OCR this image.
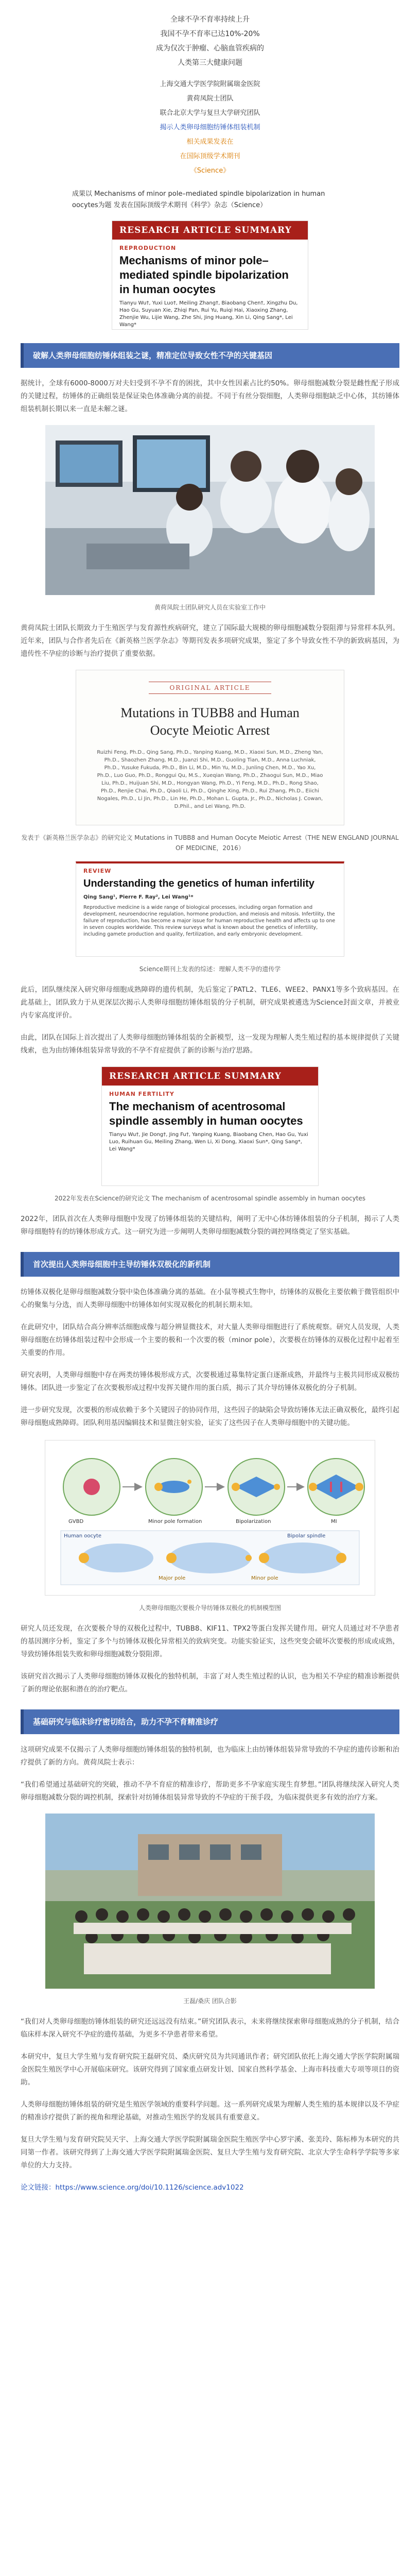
全球不孕不育率持续上升

我国不孕不育率已达10%-20%

成为仅次于肿瘤、心脑血管疾病的

人类第三大健康问题

上海交通大学医学院附属瑞金医院

黄荷凤院士团队

联合北京大学与复旦大学研究团队

揭示人类卵母细胞纺锤体组装机制

相关成果发表在

在国际顶级学术期刊

《Science》

成果以 Mechanisms of minor pole–mediated spindle bipolarization in human oocytes为题 发表在国际顶级学术期刊《科学》杂志（Science）
RESEARCH ARTICLE SUMMARY
REPRODUCTION
Mechanisms of minor pole–mediated spindle bipolarization in human oocytes
Tianyu Wu†, Yuxi Luo†, Meiling Zhang†, Biaobang Chen†, Xingzhu Du, Hao Gu, Suyuan Xie, Zhiqi Pan, Rui Yu, Ruiqi Hai, Xiaoxing Zhang, Zhenjie Wu, Lijie Wang, Zhe Shi, Jing Huang, Xin Li, Qing Sang*, Lei Wang*
破解人类卵母细胞纺锤体组装之谜，精准定位导致女性不孕的关键基因
据统计，全球有6000-8000万对夫妇受到不孕不育的困扰，其中女性因素占比约50%。卵母细胞减数分裂是雌性配子形成的关键过程，纺锤体的正确组装是保证染色体准确分离的前提。不同于有丝分裂细胞，人类卵母细胞缺乏中心体，其纺锤体组装机制长期以来一直是未解之谜。
黄荷凤院士团队研究人员在实验室工作中
黄荷凤院士团队长期致力于生殖医学与发育源性疾病研究，建立了国际最大规模的卵母细胞减数分裂阻滞与异常样本队列。近年来，团队与合作者先后在《新英格兰医学杂志》等期刊发表多项研究成果，鉴定了多个导致女性不孕的新致病基因，为遗传性不孕症的诊断与治疗提供了重要依据。
ORIGINAL ARTICLE
Mutations in TUBB8 and Human Oocyte Meiotic Arrest
Ruizhi Feng, Ph.D., Qing Sang, Ph.D., Yanping Kuang, M.D., Xiaoxi Sun, M.D., Zheng Yan, Ph.D., Shaozhen Zhang, M.D., Juanzi Shi, M.D., Guoling Tian, M.D., Anna Luchniak, Ph.D., Yusuke Fukuda, Ph.D., Bin Li, M.D., Min Yu, M.D., Junling Chen, M.D., Yao Xu, Ph.D., Luo Guo, Ph.D., Ronggui Qu, M.S., Xueqian Wang, Ph.D., Zhaogui Sun, M.D., Miao Liu, Ph.D., Huijuan Shi, M.D., Hongyan Wang, Ph.D., Yi Feng, M.D., Ph.D., Rong Shao, Ph.D., Renjie Chai, Ph.D., Qiaoli Li, Ph.D., Qinghe Xing, Ph.D., Rui Zhang, Ph.D., Eiichi Nogales, Ph.D., Li Jin, Ph.D., Lin He, Ph.D., Mohan L. Gupta, Jr., Ph.D., Nicholas J. Cowan, D.Phil., and Lei Wang, Ph.D.
发表于《新英格兰医学杂志》的研究论文 Mutations in TUBB8 and Human Oocyte Meiotic Arrest（THE NEW ENGLAND JOURNAL OF MEDICINE，2016）
REVIEW
Understanding the genetics of human infertility
Qing Sang¹, Pierre F. Ray², Lei Wang¹*
Reproductive medicine is a wide range of biological processes, including organ formation and development, neuroendocrine regulation, hormone production, and meiosis and mitosis. Infertility, the failure of reproduction, has become a major issue for human reproductive health and affects up to one in seven couples worldwide. This review surveys what is known about the genetics of infertility, including gamete production and quality, fertilization, and early embryonic development.
Science期刊上发表的综述：理解人类不孕的遗传学
此后，团队继续深入研究卵母细胞成熟障碍的遗传机制，先后鉴定了PATL2、TLE6、WEE2、PANX1等多个致病基因。在此基础上，团队致力于从更深层次揭示人类卵母细胞纺锤体组装的分子机制，研究成果被遴选为Science封面文章，并被业内专家高度评价。
由此，团队在国际上首次提出了人类卵母细胞纺锤体组装的全新模型，这一发现为理解人类生殖过程的基本规律提供了关键线索，也为由纺锤体组装异常导致的不孕不育症提供了新的诊断与治疗思路。
RESEARCH ARTICLE SUMMARY
HUMAN FERTILITY
The mechanism of acentrosomal spindle assembly in human oocytes
Tianyu Wu†, Jie Dong†, Jing Fu†, Yanping Kuang, Biaobang Chen, Hao Gu, Yuxi Luo, Ruihuan Gu, Meiling Zhang, Wen Li, Xi Dong, Xiaoxi Sun*, Qing Sang*, Lei Wang*
2022年发表在Science的研究论文 The mechanism of acentrosomal spindle assembly in human oocytes
2022年，团队首次在人类卵母细胞中发现了纺锤体组装的关键结构，阐明了无中心体纺锤体组装的分子机制，揭示了人类卵母细胞特有的纺锤体形成方式。这一研究为进一步阐明人类卵母细胞减数分裂的调控网络奠定了坚实基础。
首次提出人类卵母细胞中主导纺锤体双极化的新机制
纺锤体双极化是卵母细胞减数分裂中染色体准确分离的基础。在小鼠等模式生物中，纺锤体的双极化主要依赖于微管组织中心的聚集与分选，而人类卵母细胞中纺锤体如何实现双极化的机制长期未知。
在此研究中，团队结合高分辨率活细胞成像与超分辨显微技术，对大量人类卵母细胞进行了系统观察。研究人员发现，人类卵母细胞在纺锤体组装过程中会形成一个主要的极和一个次要的极（minor pole），次要极在纺锤体的双极化过程中起着至关重要的作用。
研究表明，人类卵母细胞中存在两类纺锤体极形成方式，次要极通过募集特定蛋白逐渐成熟，并最终与主极共同形成双极纺锤体。团队进一步鉴定了在次要极形成过程中发挥关键作用的蛋白质，揭示了其介导纺锤体双极化的分子机制。
进一步研究发现，次要极的形成依赖于多个关键因子的协同作用，这些因子的缺陷会导致纺锤体无法正确双极化，最终引起卵母细胞成熟障碍。团队利用基因编辑技术和显微注射实验，证实了这些因子在人类卵母细胞中的关键功能。
GVBD	Minor pole formation	Bipolarization	MI
Human oocyte
Minor pole
Major pole
Bipolar spindle
人类卵母细胞次要极介导纺锤体双极化的机制模型图
研究人员还发现，在次要极介导的双极化过程中，TUBB8、KIF11、TPX2等蛋白发挥关键作用。研究人员通过对不孕患者的基因测序分析，鉴定了多个与纺锤体双极化异常相关的致病突变。功能实验证实，这些突变会破坏次要极的形成或成熟，导致纺锤体组装失败和卵母细胞减数分裂阻滞。
该研究首次揭示了人类卵母细胞纺锤体双极化的独特机制，丰富了对人类生殖过程的认识，也为相关不孕症的精准诊断提供了新的理论依据和潜在的治疗靶点。
基础研究与临床诊疗密切结合，助力不孕不育精准诊疗
这项研究成果不仅揭示了人类卵母细胞纺锤体组装的独特机制，也为临床上由纺锤体组装异常导致的不孕症的遗传诊断和治疗提供了新的方向。黄荷凤院士表示：
“我们希望通过基础研究的突破，推动不孕不育症的精准诊疗，帮助更多不孕家庭实现生育梦想。”团队将继续深入研究人类卵母细胞减数分裂的调控机制，探索针对纺锤体组装异常导致的不孕症的干预手段，为临床提供更多有效的治疗方案。
王磊/桑庆 团队合影
“我们对人类卵母细胞纺锤体组装的研究还远远没有结束。”研究团队表示，未来将继续探索卵母细胞成熟的分子机制，结合临床样本深入研究不孕症的遗传基础，为更多不孕患者带来希望。
本研究中，复旦大学生殖与发育研究院王磊研究员、桑庆研究员为共同通讯作者；研究团队依托上海交通大学医学院附属瑞金医院生殖医学中心开展临床研究。该研究得到了国家重点研发计划、国家自然科学基金、上海市科技重大专项等项目的资助。
人类卵母细胞纺锤体组装的研究是生殖医学领域的重要科学问题。这一系列研究成果为理解人类生殖的基本规律以及不孕症的精准诊疗提供了新的视角和理论基础，对推动生殖医学的发展具有重要意义。
复旦大学生殖与发育研究院吴天宇、上海交通大学医学院附属瑞金医院生殖医学中心罗宇溪、张美玲、陈标棒为本研究的共同第一作者。该研究得到了上海交通大学医学院附属瑞金医院、复旦大学生殖与发育研究院、北京大学生命科学学院等多家单位的大力支持。
论文链接：https://www.science.org/doi/10.1126/science.adv1022
